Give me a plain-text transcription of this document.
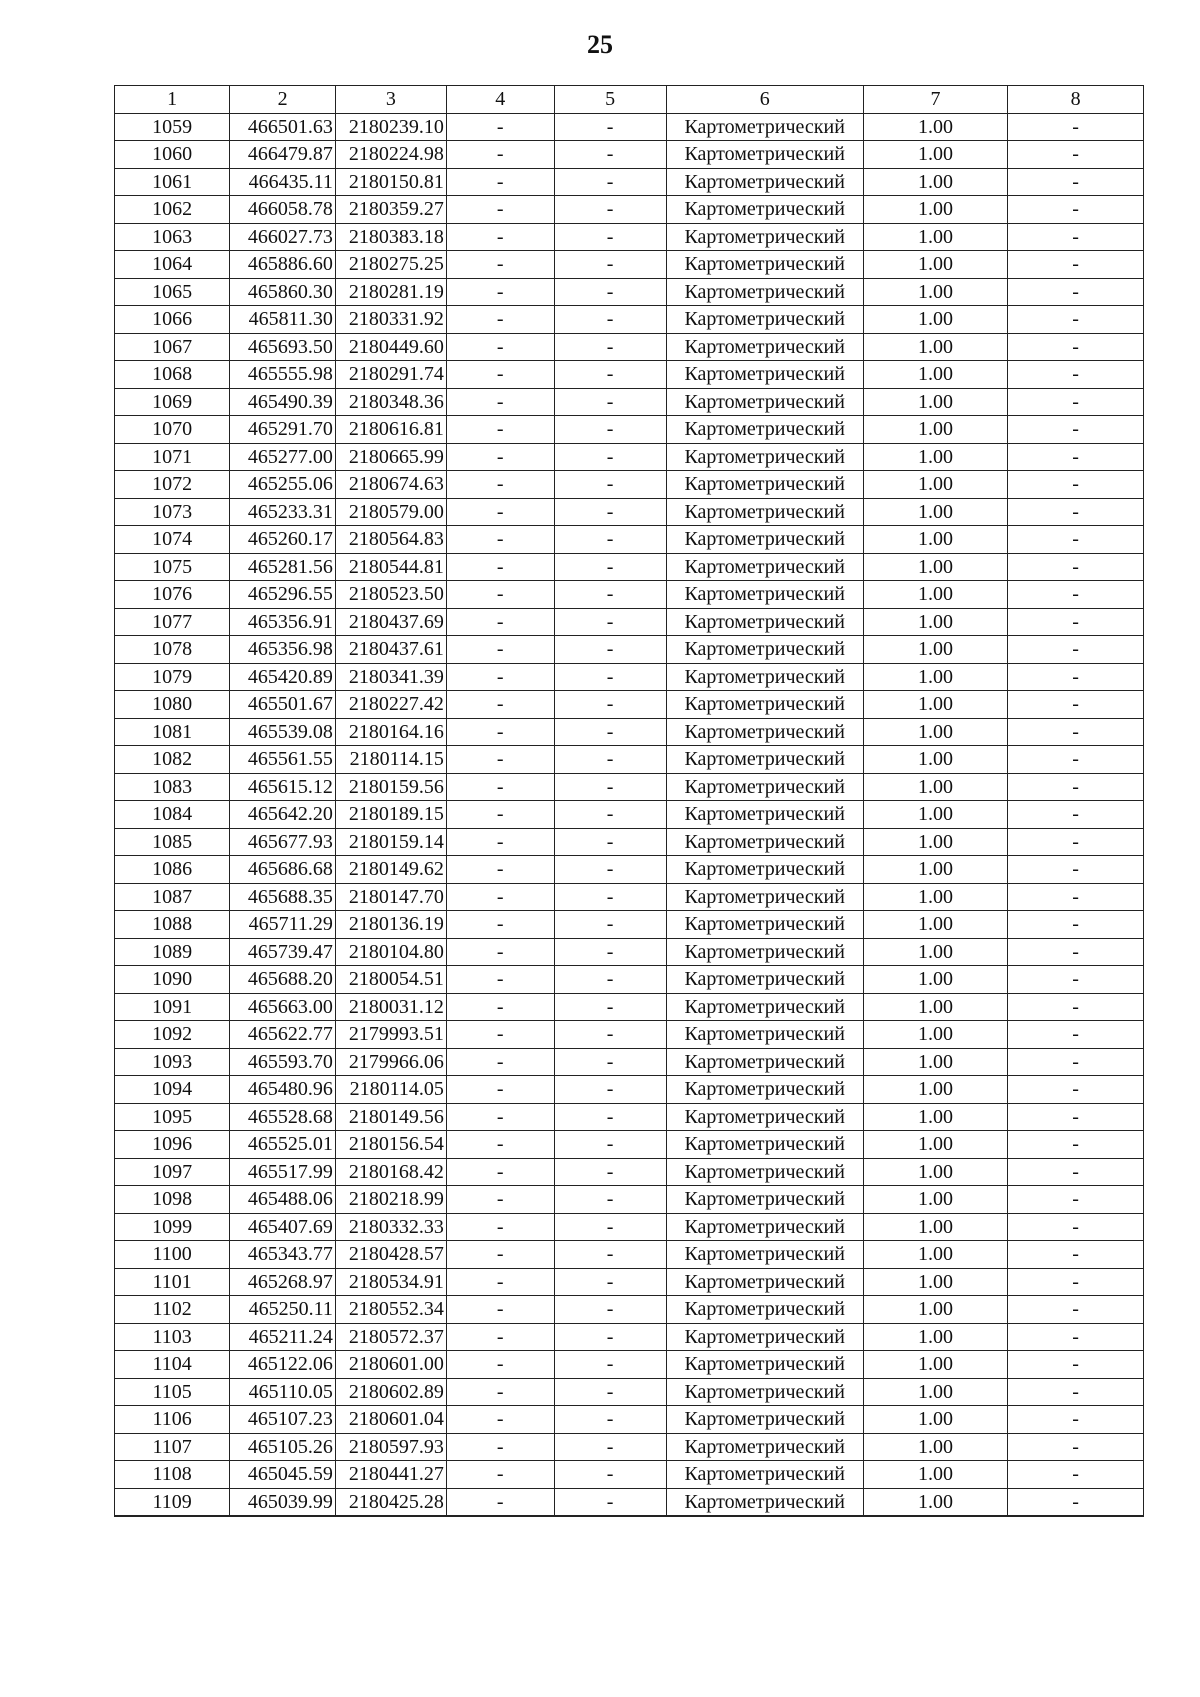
25
1	2	3	4	5	6	7	8
1059	466501.63	2180239.10	-	-	Картометрический	1.00	-
1060	466479.87	2180224.98	-	-	Картометрический	1.00	-
1061	466435.11	2180150.81	-	-	Картометрический	1.00	-
1062	466058.78	2180359.27	-	-	Картометрический	1.00	-
1063	466027.73	2180383.18	-	-	Картометрический	1.00	-
1064	465886.60	2180275.25	-	-	Картометрический	1.00	-
1065	465860.30	2180281.19	-	-	Картометрический	1.00	-
1066	465811.30	2180331.92	-	-	Картометрический	1.00	-
1067	465693.50	2180449.60	-	-	Картометрический	1.00	-
1068	465555.98	2180291.74	-	-	Картометрический	1.00	-
1069	465490.39	2180348.36	-	-	Картометрический	1.00	-
1070	465291.70	2180616.81	-	-	Картометрический	1.00	-
1071	465277.00	2180665.99	-	-	Картометрический	1.00	-
1072	465255.06	2180674.63	-	-	Картометрический	1.00	-
1073	465233.31	2180579.00	-	-	Картометрический	1.00	-
1074	465260.17	2180564.83	-	-	Картометрический	1.00	-
1075	465281.56	2180544.81	-	-	Картометрический	1.00	-
1076	465296.55	2180523.50	-	-	Картометрический	1.00	-
1077	465356.91	2180437.69	-	-	Картометрический	1.00	-
1078	465356.98	2180437.61	-	-	Картометрический	1.00	-
1079	465420.89	2180341.39	-	-	Картометрический	1.00	-
1080	465501.67	2180227.42	-	-	Картометрический	1.00	-
1081	465539.08	2180164.16	-	-	Картометрический	1.00	-
1082	465561.55	2180114.15	-	-	Картометрический	1.00	-
1083	465615.12	2180159.56	-	-	Картометрический	1.00	-
1084	465642.20	2180189.15	-	-	Картометрический	1.00	-
1085	465677.93	2180159.14	-	-	Картометрический	1.00	-
1086	465686.68	2180149.62	-	-	Картометрический	1.00	-
1087	465688.35	2180147.70	-	-	Картометрический	1.00	-
1088	465711.29	2180136.19	-	-	Картометрический	1.00	-
1089	465739.47	2180104.80	-	-	Картометрический	1.00	-
1090	465688.20	2180054.51	-	-	Картометрический	1.00	-
1091	465663.00	2180031.12	-	-	Картометрический	1.00	-
1092	465622.77	2179993.51	-	-	Картометрический	1.00	-
1093	465593.70	2179966.06	-	-	Картометрический	1.00	-
1094	465480.96	2180114.05	-	-	Картометрический	1.00	-
1095	465528.68	2180149.56	-	-	Картометрический	1.00	-
1096	465525.01	2180156.54	-	-	Картометрический	1.00	-
1097	465517.99	2180168.42	-	-	Картометрический	1.00	-
1098	465488.06	2180218.99	-	-	Картометрический	1.00	-
1099	465407.69	2180332.33	-	-	Картометрический	1.00	-
1100	465343.77	2180428.57	-	-	Картометрический	1.00	-
1101	465268.97	2180534.91	-	-	Картометрический	1.00	-
1102	465250.11	2180552.34	-	-	Картометрический	1.00	-
1103	465211.24	2180572.37	-	-	Картометрический	1.00	-
1104	465122.06	2180601.00	-	-	Картометрический	1.00	-
1105	465110.05	2180602.89	-	-	Картометрический	1.00	-
1106	465107.23	2180601.04	-	-	Картометрический	1.00	-
1107	465105.26	2180597.93	-	-	Картометрический	1.00	-
1108	465045.59	2180441.27	-	-	Картометрический	1.00	-
1109	465039.99	2180425.28	-	-	Картометрический	1.00	-
